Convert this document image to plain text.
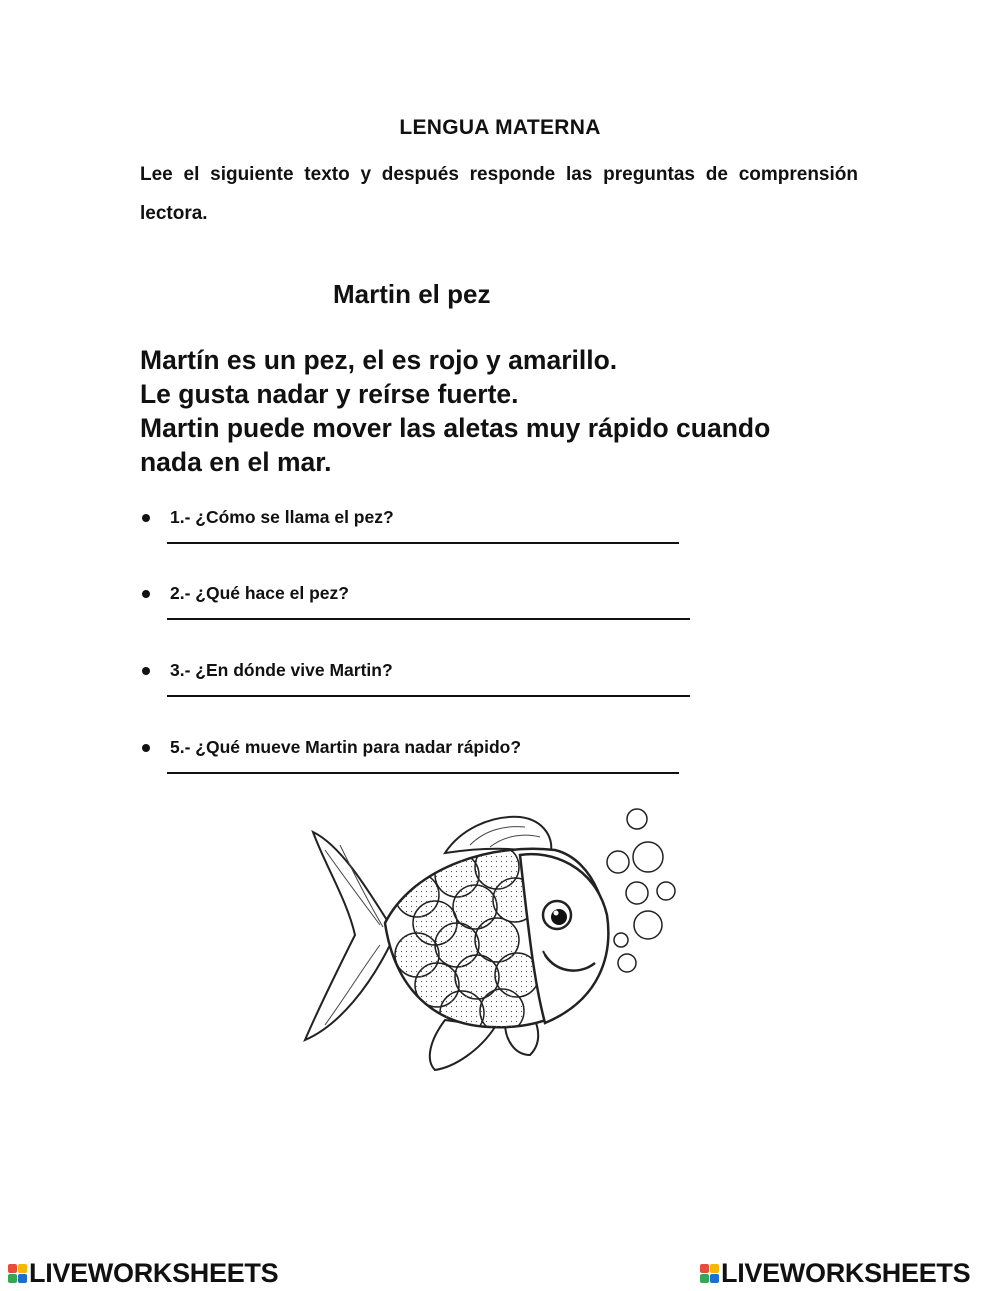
LENGUA MATERNA
Lee el siguiente texto y después responde las preguntas de comprensión lectora.
Martin el pez
Martín es un pez, el es rojo y amarillo.
Le gusta nadar y reírse fuerte.
Martin puede mover las aletas muy rápido cuando
nada en el mar.
1.- ¿Cómo se llama el pez?
2.- ¿Qué hace el pez?
3.- ¿En dónde vive Martin?
5.- ¿Qué mueve Martin para nadar rápido?
LIVEWORKSHEETS	LIVEWORKSHEETS
